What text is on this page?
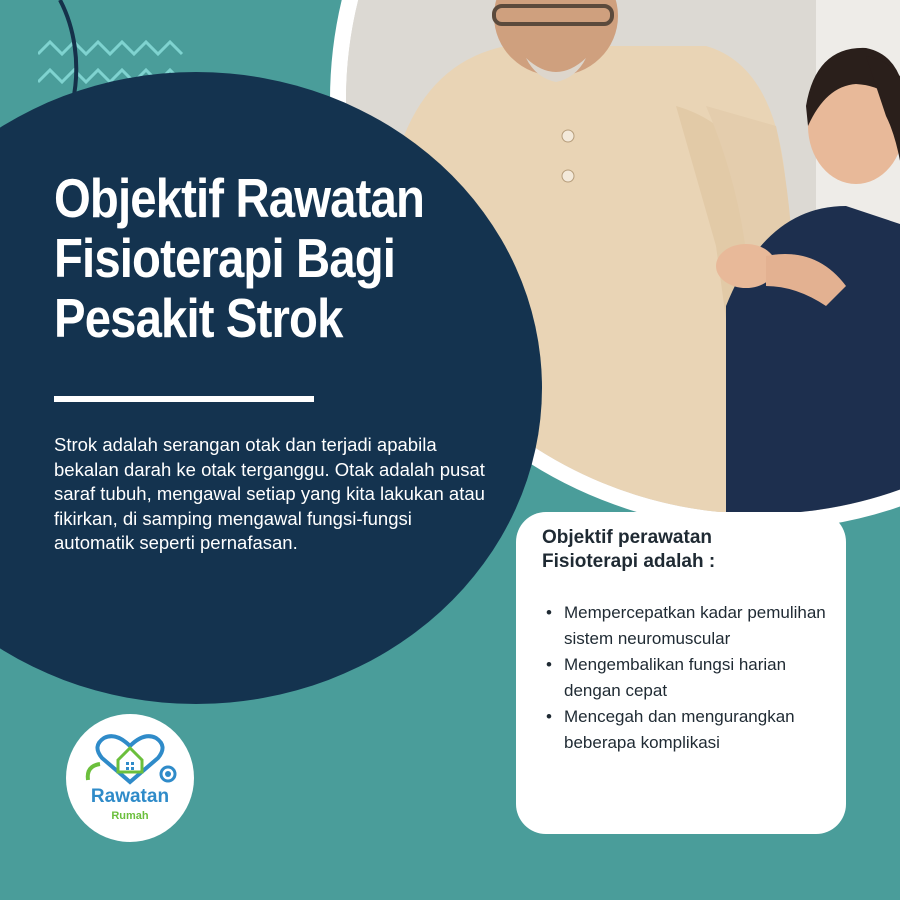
Objektif Rawatan
Fisioterapi Bagi
Pesakit Strok

Strok adalah serangan otak dan terjadi apabila bekalan darah ke otak terganggu. Otak adalah pusat saraf tubuh, mengawal setiap yang kita lakukan atau fikirkan, di samping mengawal fungsi-fungsi automatik seperti pernafasan.	Objektif perawatan
Fisioterapi adalah :
• Mempercepatkan kadar pemulihan sistem neuromuscular
• Mengembalikan fungsi harian dengan cepat
• Mencegah dan mengurangkan beberapa komplikasi
Rawatan
Rumah
